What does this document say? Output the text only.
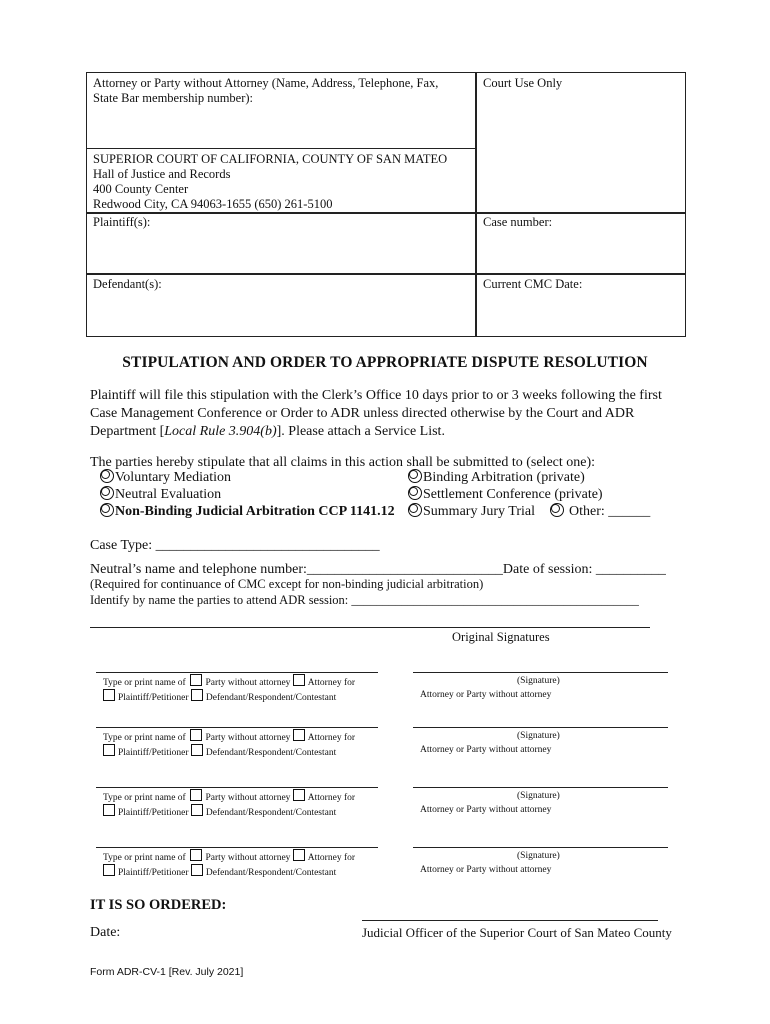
Attorney or Party without Attorney (Name, Address, Telephone, Fax,
State Bar membership number):
Court Use Only
SUPERIOR COURT OF CALIFORNIA, COUNTY OF SAN MATEO
Hall of Justice and Records
400 County Center
Redwood City, CA 94063-1655 (650) 261-5100
Plaintiff(s):	Case number:
Defendant(s):	Current CMC Date:
STIPULATION AND ORDER TO APPROPRIATE DISPUTE RESOLUTION
Plaintiff will file this stipulation with the Clerk’s Office 10 days prior to or 3 weeks following the first
Case Management Conference or Order to ADR unless directed otherwise by the Court and ADR
Department [Local Rule 3.904(b)]. Please attach a Service List.
The parties hereby stipulate that all claims in this action shall be submitted to (select one):
Voluntary Mediation	Binding Arbitration (private)
Neutral Evaluation	Settlement Conference (private)
Non-Binding Judicial Arbitration CCP 1141.12	Summary Jury Trial	Other: ______
Case Type: ________________________________
Neutral’s name and telephone number:____________________________Date of session: __________
(Required for continuance of CMC except for non-binding judicial arbitration)
Identify by name the parties to attend ADR session: ______________________________________________
Original Signatures
Type or print name of Party without attorney Attorney for
Plaintiff/Petitioner Defendant/Respondent/Contestant
(Signature)
Attorney or Party without attorney
Type or print name of Party without attorney Attorney for
Plaintiff/Petitioner Defendant/Respondent/Contestant
(Signature)
Attorney or Party without attorney
Type or print name of Party without attorney Attorney for
Plaintiff/Petitioner Defendant/Respondent/Contestant
(Signature)
Attorney or Party without attorney
Type or print name of Party without attorney Attorney for
Plaintiff/Petitioner Defendant/Respondent/Contestant
(Signature)
Attorney or Party without attorney
IT IS SO ORDERED:
Date:	Judicial Officer of the Superior Court of San Mateo County
Form ADR-CV-1 [Rev. July 2021]
